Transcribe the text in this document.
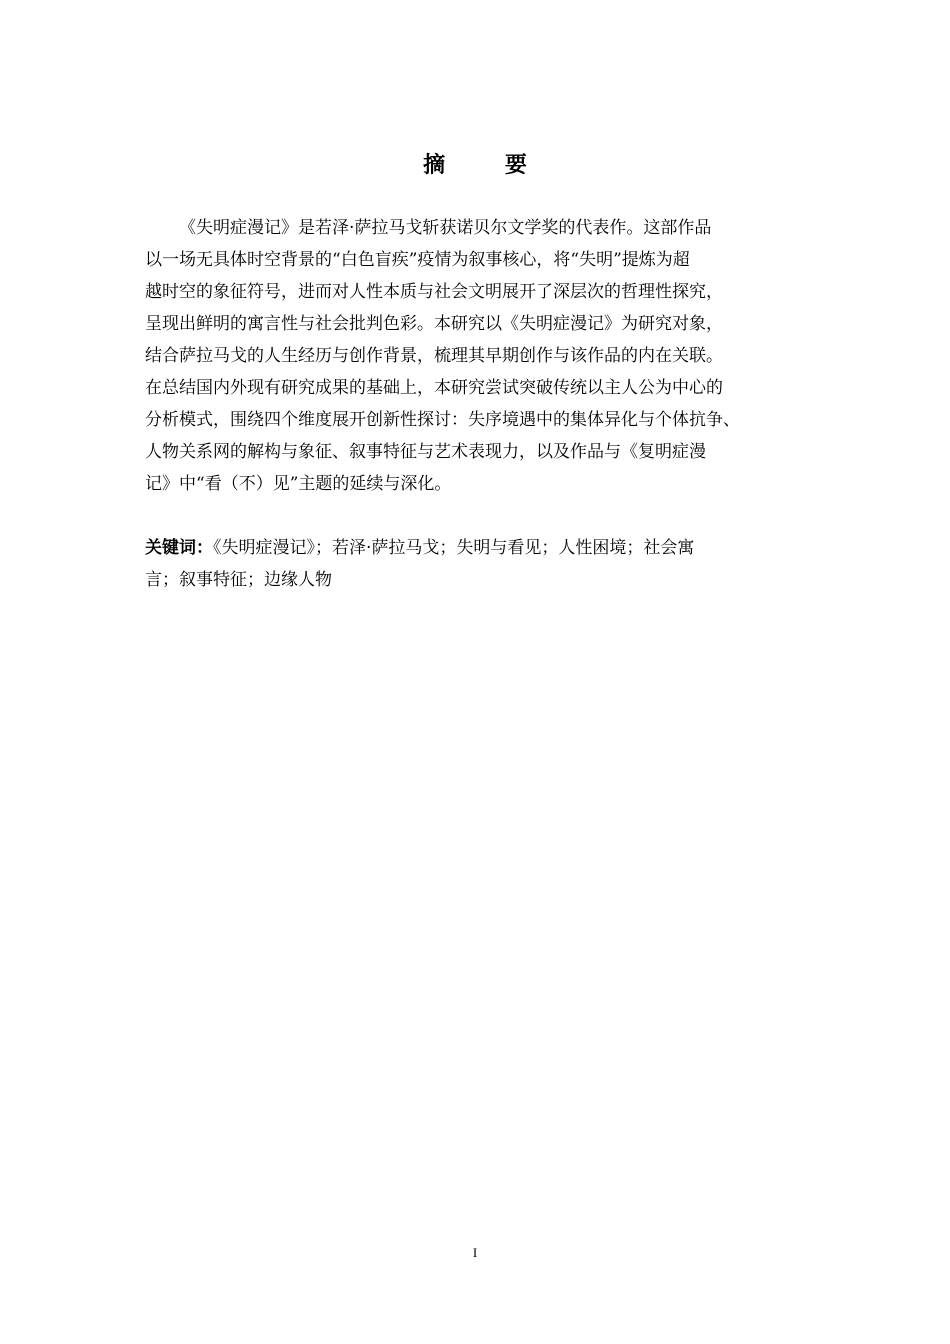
摘 要
《失明症漫记》是若泽·萨拉马戈斩获诺贝尔文学奖的代表作。这部作品
以一场无具体时空背景的“白色盲疾”疫情为叙事核心，将“失明”提炼为超
越时空的象征符号，进而对人性本质与社会文明展开了深层次的哲理性探究，
呈现出鲜明的寓言性与社会批判色彩。本研究以《失明症漫记》为研究对象，
结合萨拉马戈的人生经历与创作背景，梳理其早期创作与该作品的内在关联。
在总结国内外现有研究成果的基础上，本研究尝试突破传统以主人公为中心的
分析模式，围绕四个维度展开创新性探讨：失序境遇中的集体异化与个体抗争、
人物关系网的解构与象征、叙事特征与艺术表现力，以及作品与《复明症漫
记》中“看（不）见”主题的延续与深化。
关键词：《失明症漫记》；若泽·萨拉马戈；失明与看见；人性困境；社会寓
言；叙事特征；边缘人物
I
